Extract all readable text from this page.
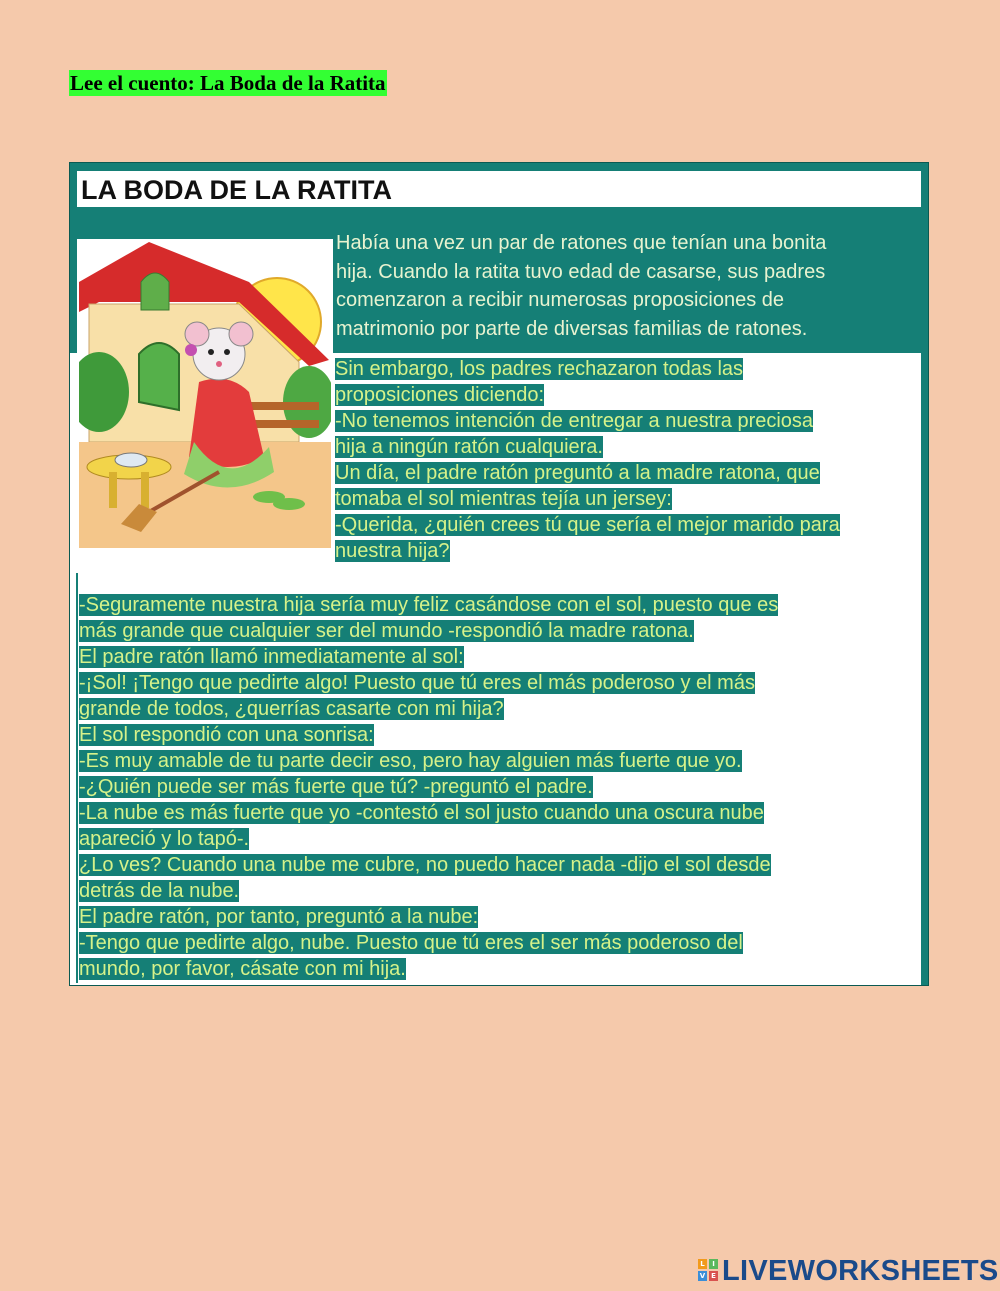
Lee el cuento: La Boda de la Ratita
LA BODA DE LA RATITA
Había una vez un par de ratones que tenían una bonita
hija. Cuando la ratita tuvo edad de casarse, sus padres
comenzaron a recibir numerosas proposiciones de
matrimonio por parte de diversas familias de ratones.
Sin embargo, los padres rechazaron todas las
proposiciones diciendo:
-No tenemos intención de entregar a nuestra preciosa
hija a ningún ratón cualquiera.
Un día, el padre ratón preguntó a la madre ratona, que
tomaba el sol mientras tejía un jersey:
-Querida, ¿quién crees tú que sería el mejor marido para
nuestra hija?
-Seguramente nuestra hija sería muy feliz casándose con el sol, puesto que es
más grande que cualquier ser del mundo -respondió la madre ratona.
El padre ratón llamó inmediatamente al sol:
-¡Sol! ¡Tengo que pedirte algo! Puesto que tú eres el más poderoso y el más
grande de todos, ¿querrías casarte con mi hija?
El sol respondió con una sonrisa:
-Es muy amable de tu parte decir eso, pero hay alguien más fuerte que yo.
-¿Quién puede ser más fuerte que tú? -preguntó el padre.
-La nube es más fuerte que yo -contestó el sol justo cuando una oscura nube
apareció y lo tapó-.
¿Lo ves? Cuando una nube me cubre, no puedo hacer nada -dijo el sol desde
detrás de la nube.
El padre ratón, por tanto, preguntó a la nube:
-Tengo que pedirte algo, nube. Puesto que tú eres el ser más poderoso del
mundo, por favor, cásate con mi hija.
L	I
V E LIVEWORKSHEETS
